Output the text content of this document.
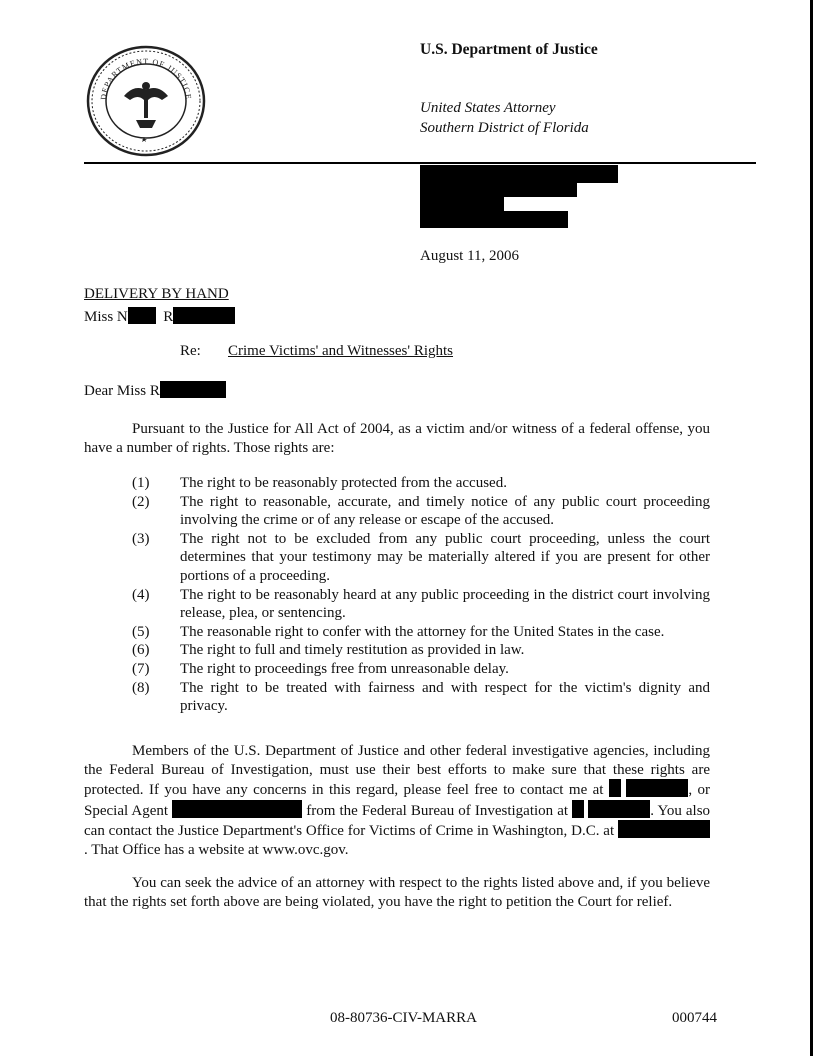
DEPARTMENT OF JUSTICE
U.S. Department of Justice
United States Attorney
Southern District of Florida
August 11, 2006
DELIVERY BY HAND
Miss N R
Re: Crime Victims' and Witnesses' Rights
Dear Miss R
Pursuant to the Justice for All Act of 2004, as a victim and/or witness of a federal offense, you have a number of rights. Those rights are:
(1)	The right to be reasonably protected from the accused.
(2)	The right to reasonable, accurate, and timely notice of any public court proceeding involving the crime or of any release or escape of the accused.
(3)	The right not to be excluded from any public court proceeding, unless the court determines that your testimony may be materially altered if you are present for other portions of a proceeding.
(4)	The right to be reasonably heard at any public proceeding in the district court involving release, plea, or sentencing.
(5)	The reasonable right to confer with the attorney for the United States in the case.
(6)	The right to full and timely restitution as provided in law.
(7)	The right to proceedings free from unreasonable delay.
(8)	The right to be treated with fairness and with respect for the victim's dignity and privacy.
Members of the U.S. Department of Justice and other federal investigative agencies, including the Federal Bureau of Investigation, must use their best efforts to make sure that these rights are protected. If you have any concerns in this regard, please feel free to contact me at	, or Special Agent	from the Federal Bureau of Investigation at	. You also can contact the Justice Department's Office for Victims of Crime in Washington, D.C. at . That Office has a website at www.ovc.gov.
You can seek the advice of an attorney with respect to the rights listed above and, if you believe that the rights set forth above are being violated, you have the right to petition the Court for relief.
08-80736-CIV-MARRA	000744
